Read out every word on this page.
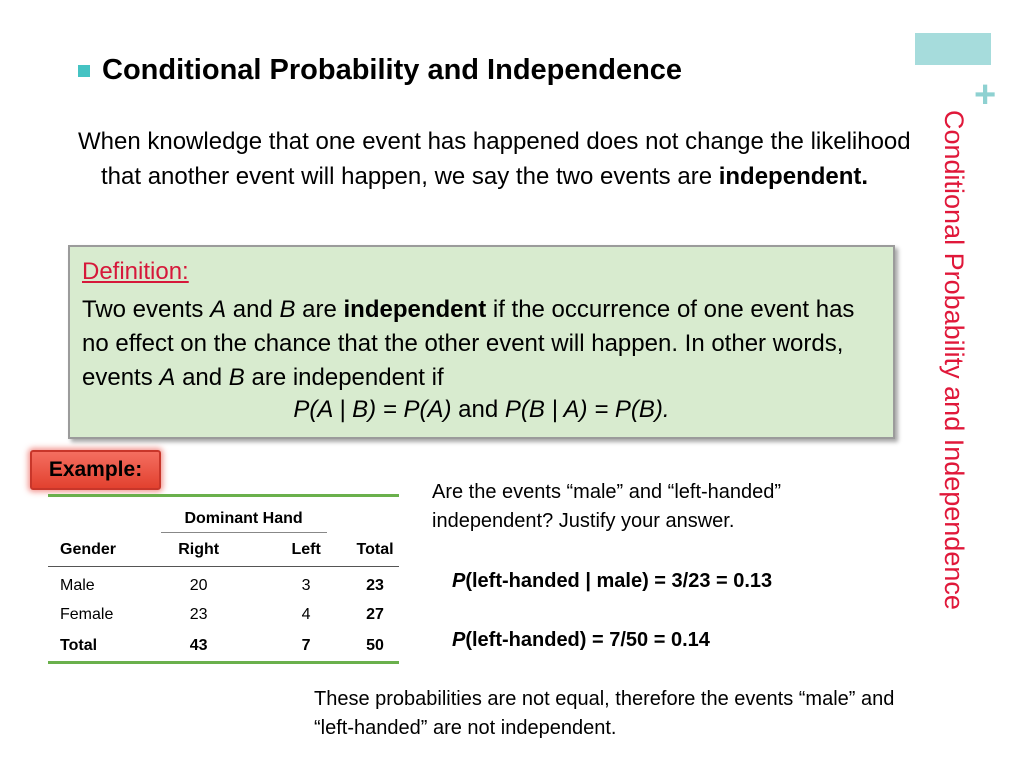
+
Conditional Probability and Independence
Conditional Probability and Independence
When knowledge that one event has happened does not change the likelihood that another event will happen, we say the two events are independent.
Definition:
Two events A and B are independent if the occurrence of one event has no effect on the chance that the other event will happen. In other words, events A and B are independent if
P(A | B) = P(A) and P(B | A) = P(B).
Example:
	Dominant Hand		
Gender	Right	Left	Total
Male	20	3	23
Female	23	4	27
Total	43	7	50
Are the events “male” and “left-handed” independent? Justify your answer.
P(left-handed | male) = 3/23 = 0.13
P(left-handed) = 7/50 = 0.14
These probabilities are not equal, therefore the events “male” and “left-handed” are not independent.
